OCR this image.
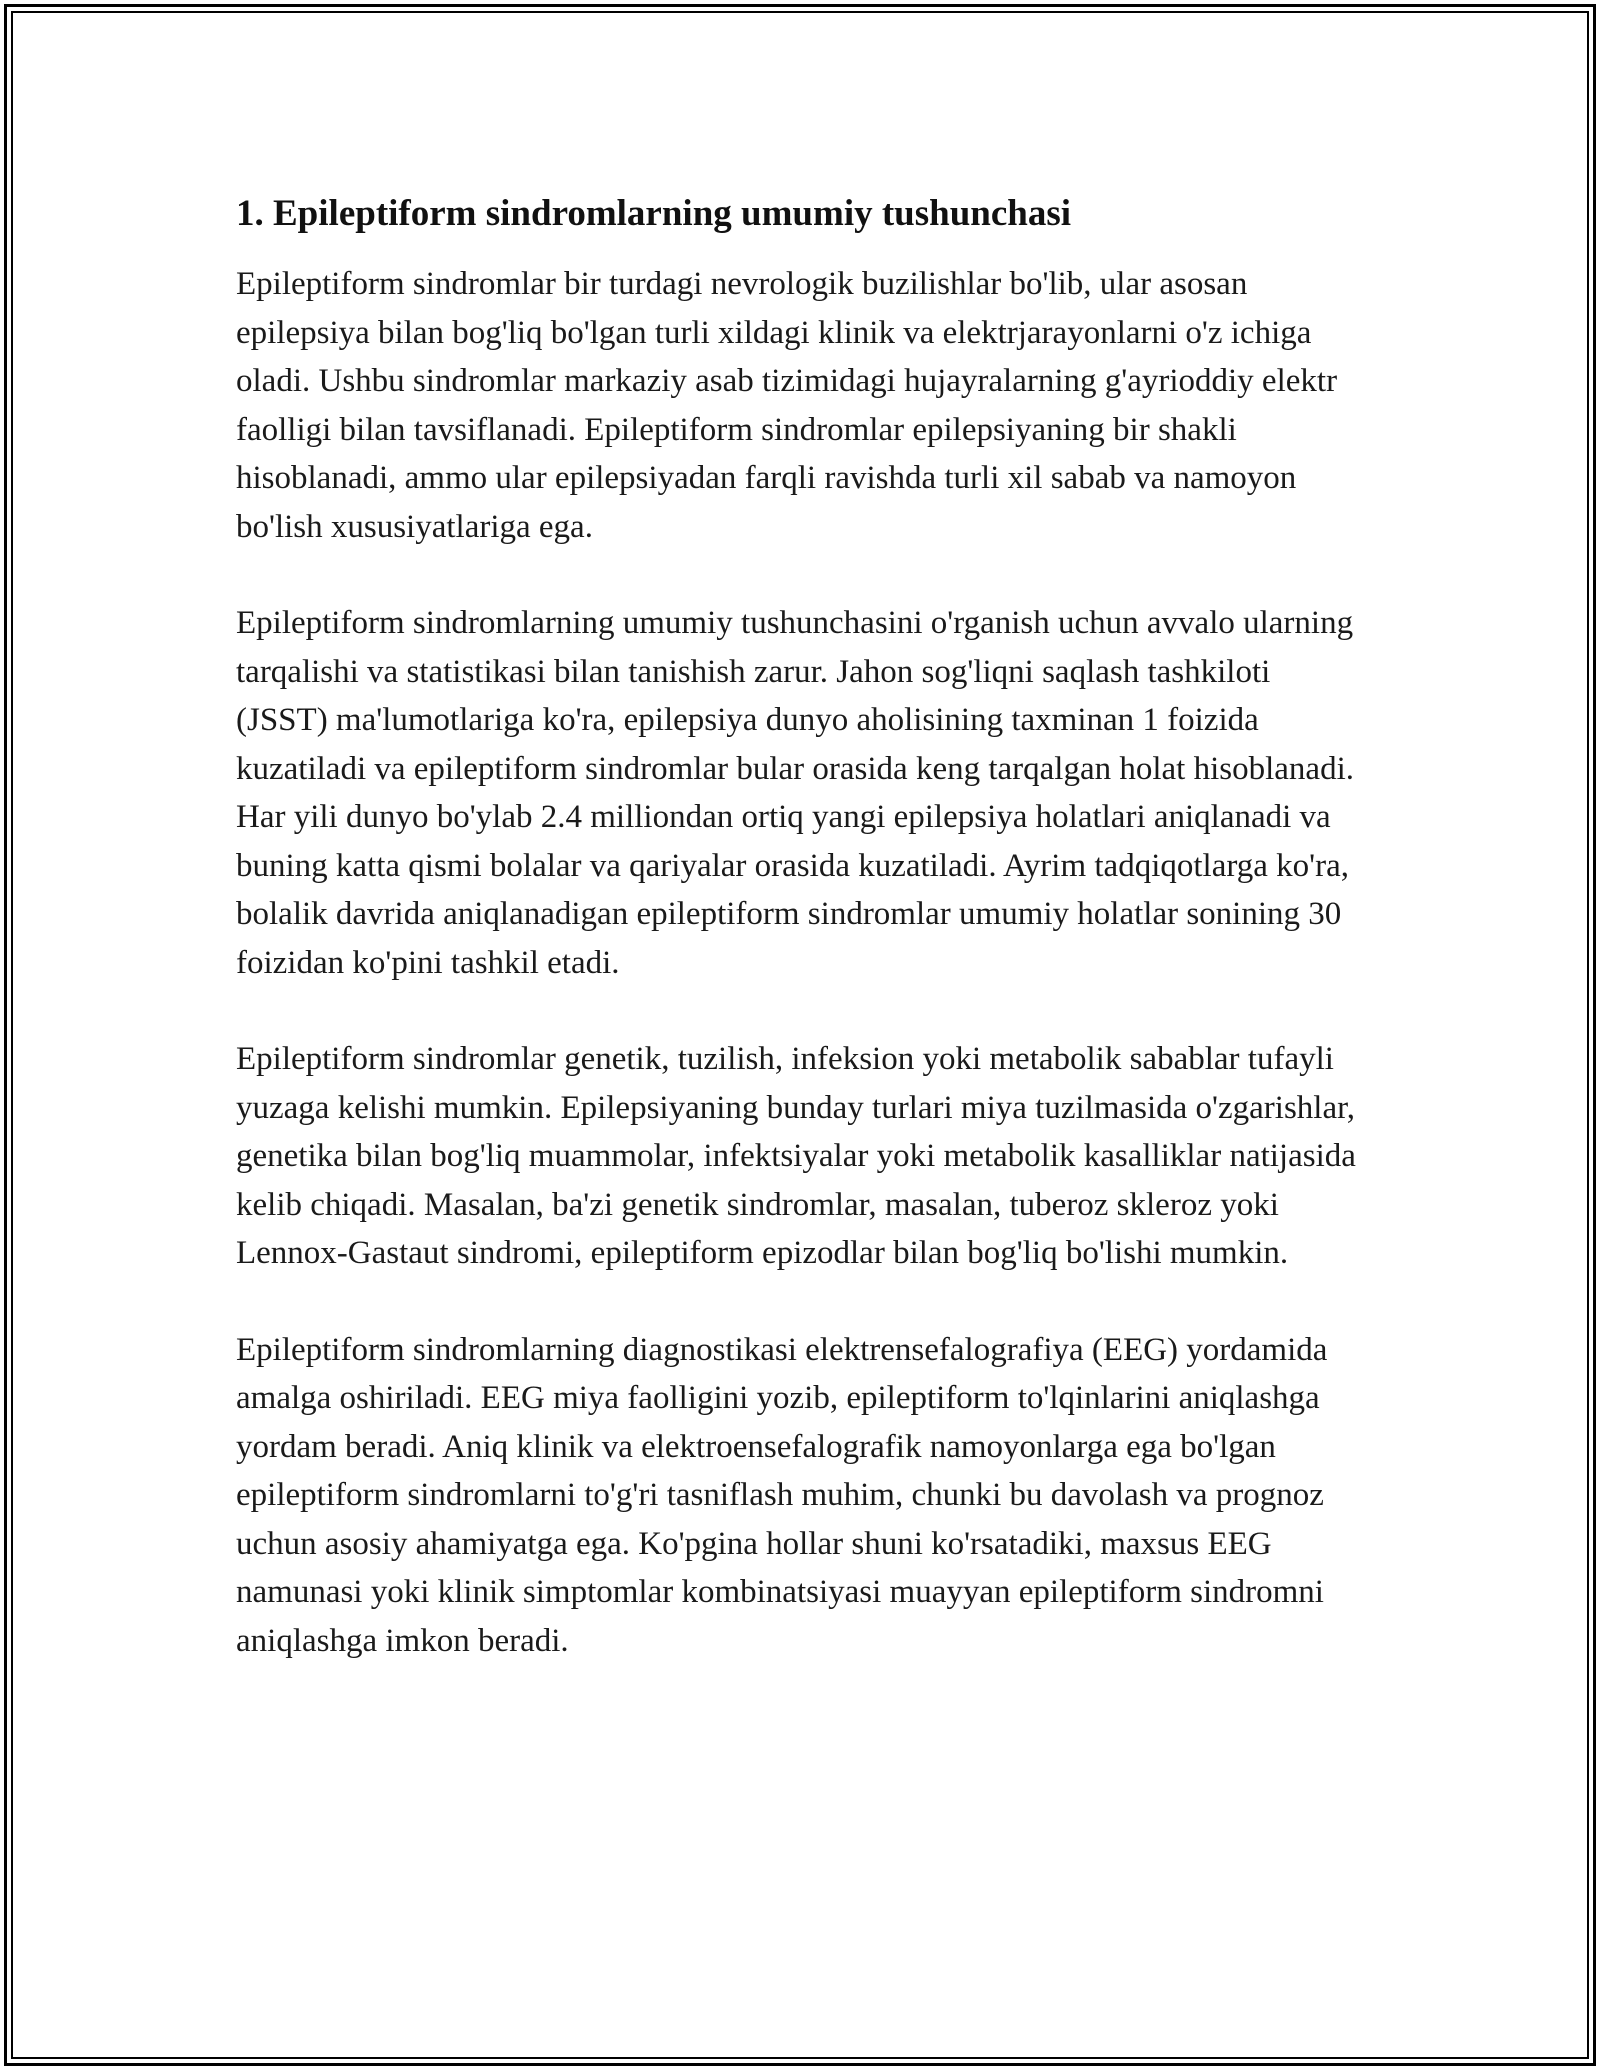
1. Epileptiform sindromlarning umumiy tushunchasi

Epileptiform sindromlar bir turdagi nevrologik buzilishlar bo'lib, ular asosan epilepsiya bilan bog'liq bo'lgan turli xildagi klinik va elektrjarayonlarni o'z ichiga oladi. Ushbu sindromlar markaziy asab tizimidagi hujayralarning g'ayrioddiy elektr faolligi bilan tavsiflanadi. Epileptiform sindromlar epilepsiyaning bir shakli hisoblanadi, ammo ular epilepsiyadan farqli ravishda turli xil sabab va namoyon bo'lish xususiyatlariga ega.

Epileptiform sindromlarning umumiy tushunchasini o'rganish uchun avvalo ularning tarqalishi va statistikasi bilan tanishish zarur. Jahon sog'liqni saqlash tashkiloti (JSST) ma'lumotlariga ko'ra, epilepsiya dunyo aholisining taxminan 1 foizida kuzatiladi va epileptiform sindromlar bular orasida keng tarqalgan holat hisoblanadi. Har yili dunyo bo'ylab 2.4 milliondan ortiq yangi epilepsiya holatlari aniqlanadi va buning katta qismi bolalar va qariyalar orasida kuzatiladi. Ayrim tadqiqotlarga ko'ra, bolalik davrida aniqlanadigan epileptiform sindromlar umumiy holatlar sonining 30 foizidan ko'pini tashkil etadi.

Epileptiform sindromlar genetik, tuzilish, infeksion yoki metabolik sabablar tufayli yuzaga kelishi mumkin. Epilepsiyaning bunday turlari miya tuzilmasida o'zgarishlar, genetika bilan bog'liq muammolar, infektsiyalar yoki metabolik kasalliklar natijasida kelib chiqadi. Masalan, ba'zi genetik sindromlar, masalan, tuberoz skleroz yoki Lennox-Gastaut sindromi, epileptiform epizodlar bilan bog'liq bo'lishi mumkin.

Epileptiform sindromlarning diagnostikasi elektrensefalografiya (EEG) yordamida amalga oshiriladi. EEG miya faolligini yozib, epileptiform to'lqinlarini aniqlashga yordam beradi. Aniq klinik va elektroensefalografik namoyonlarga ega bo'lgan epileptiform sindromlarni to'g'ri tasniflash muhim, chunki bu davolash va prognoz uchun asosiy ahamiyatga ega. Ko'pgina hollar shuni ko'rsatadiki, maxsus EEG namunasi yoki klinik simptomlar kombinatsiyasi muayyan epileptiform sindromni aniqlashga imkon beradi.
